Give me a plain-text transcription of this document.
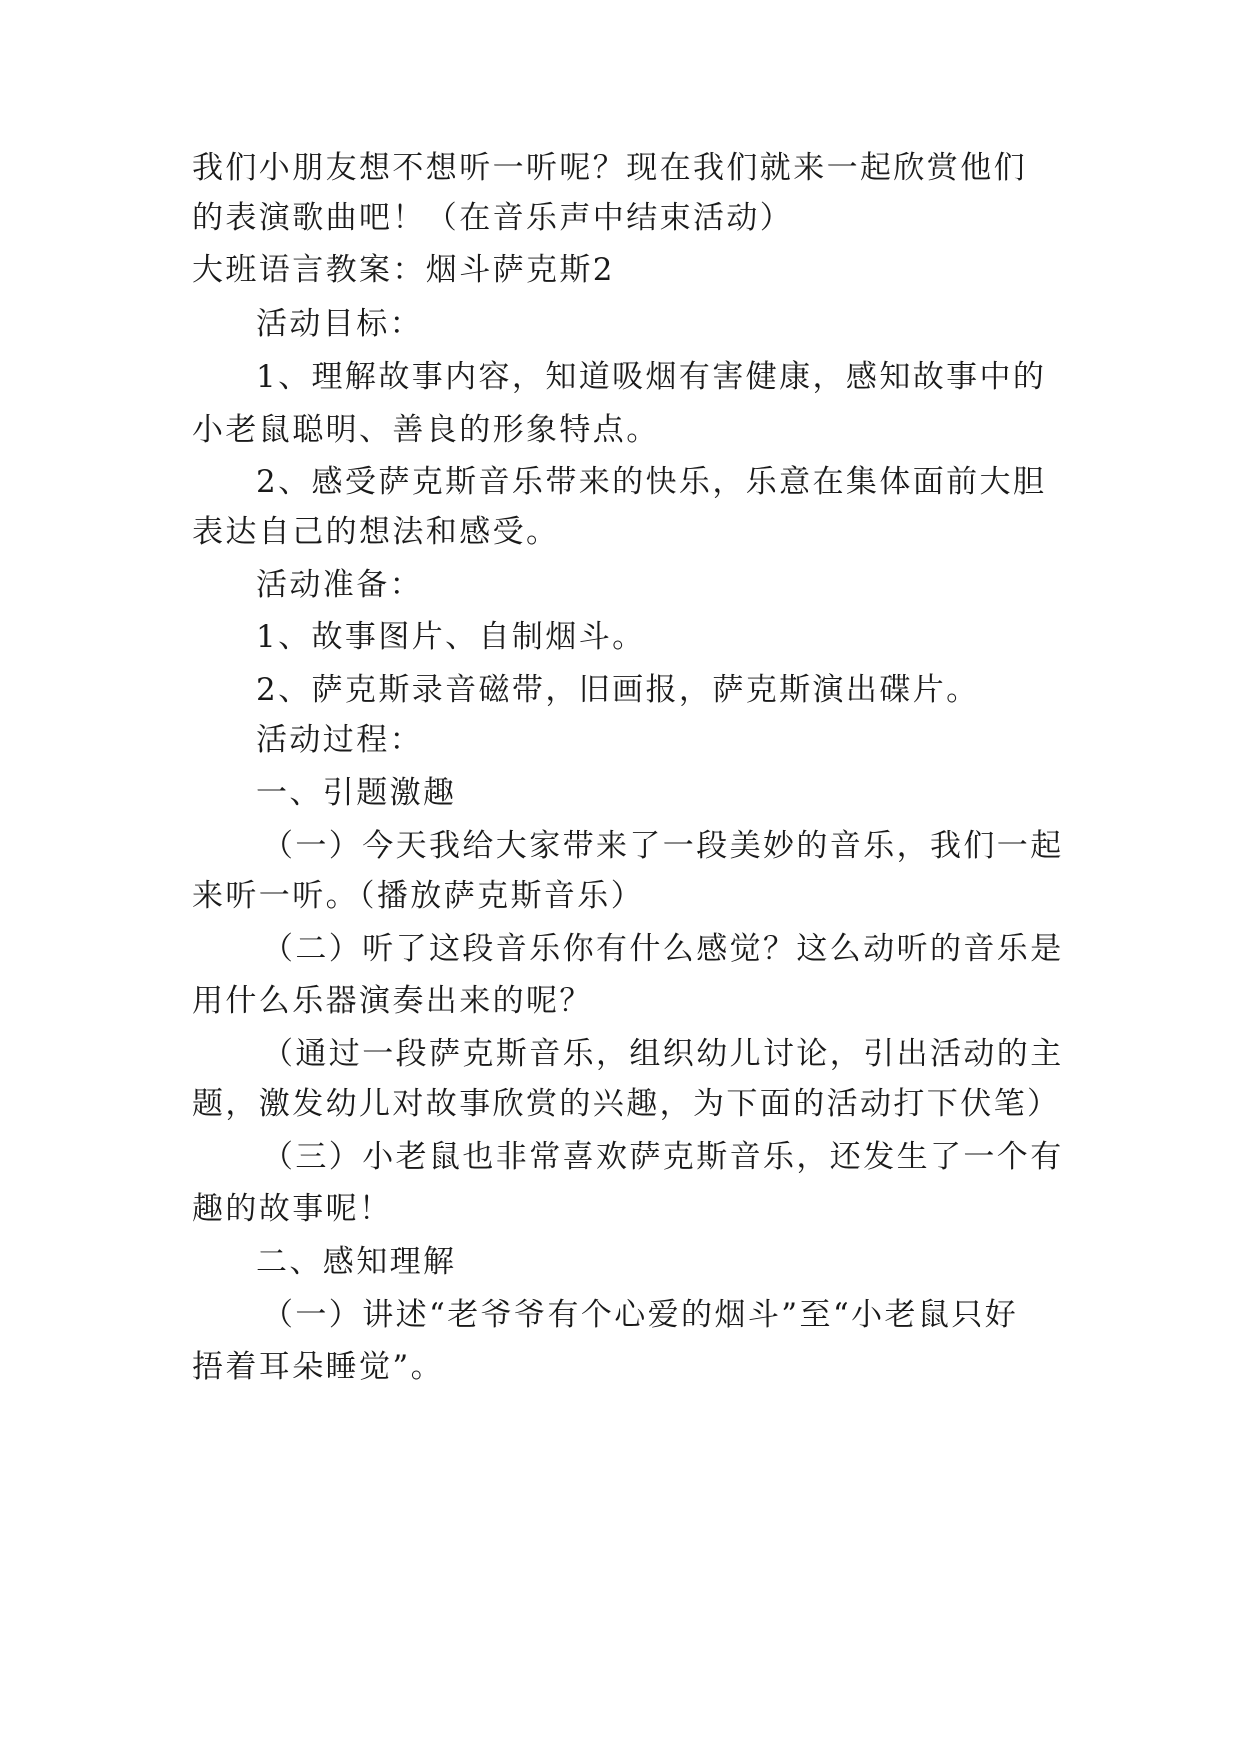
我们小朋友想不想听一听呢？现在我们就来一起欣赏他们
的表演歌曲吧！（在音乐声中结束活动）
大班语言教案：烟斗萨克斯2
活动目标：
1、理解故事内容，知道吸烟有害健康，感知故事中的
小老鼠聪明、善良的形象特点。
2、感受萨克斯音乐带来的快乐，乐意在集体面前大胆
表达自己的想法和感受。
活动准备：
1、故事图片、自制烟斗。
2、萨克斯录音磁带，旧画报，萨克斯演出碟片。
活动过程：
一、引题激趣
（一）今天我给大家带来了一段美妙的音乐，我们一起
来听一听。（播放萨克斯音乐）
（二）听了这段音乐你有什么感觉？这么动听的音乐是
用什么乐器演奏出来的呢？
（通过一段萨克斯音乐，组织幼儿讨论，引出活动的主
题，激发幼儿对故事欣赏的兴趣，为下面的活动打下伏笔）
（三）小老鼠也非常喜欢萨克斯音乐，还发生了一个有
趣的故事呢！
二、感知理解
（一）讲述“老爷爷有个心爱的烟斗”至“小老鼠只好
捂着耳朵睡觉”。
